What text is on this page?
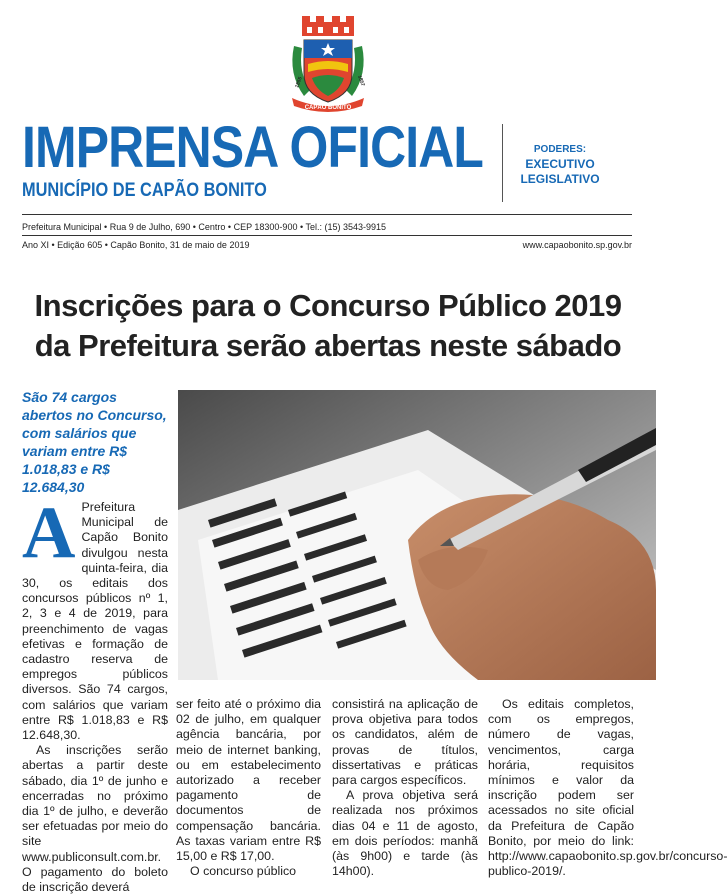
CAPÃO BONITO
1855	1857
IMPRENSA OFICIAL
MUNICÍPIO DE CAPÃO BONITO
PODERES:
EXECUTIVO
LEGISLATIVO
Prefeitura Municipal • Rua 9 de Julho, 690 • Centro • CEP 18300-900 • Tel.: (15) 3543-9915
Ano XI • Edição 605 • Capão Bonito, 31 de maio de 2019	www.capaobonito.sp.gov.br
Inscrições para o Concurso Público 2019 da Prefeitura serão abertas neste sábado
São 74 cargos abertos no Concurso, com salários que variam entre R$ 1.018,83 e R$ 12.684,30
A Prefeitura Municipal de Capão Bonito divulgou nesta quinta-feira, dia 30, os editais dos concursos públicos nº 1, 2, 3 e 4 de 2019, para preenchimento de vagas efetivas e formação de cadastro reserva de empregos públicos diversos. São 74 cargos, com salários que variam entre R$ 1.018,83 e R$ 12.648,30.

As inscrições serão abertas a partir deste sábado, dia 1º de junho e encerradas no próximo dia 1º de julho, e deverão ser efetuadas por meio do site www.publiconsult.com.br. O pagamento do boleto de inscrição deverá

ser feito até o próximo dia 02 de julho, em qualquer agência bancária, por meio de internet banking, ou em estabelecimento autorizado a receber pagamento de documentos de compensação bancária. As taxas variam entre R$ 15,00 e R$ 17,00.

O concurso público

consistirá na aplicação de prova objetiva para todos os candidatos, além de provas de títulos, dissertativas e práticas para cargos específicos.

A prova objetiva será realizada nos próximos dias 04 e 11 de agosto, em dois períodos: manhã (às 9h00) e tarde (às 14h00).

Os editais completos, com os empregos, número de vagas, vencimentos, carga horária, requisitos mínimos e valor da inscrição podem ser acessados no site oficial da Prefeitura de Capão Bonito, por meio do link: http://www.capaobonito.sp.gov.br/concurso-publico-2019/.
